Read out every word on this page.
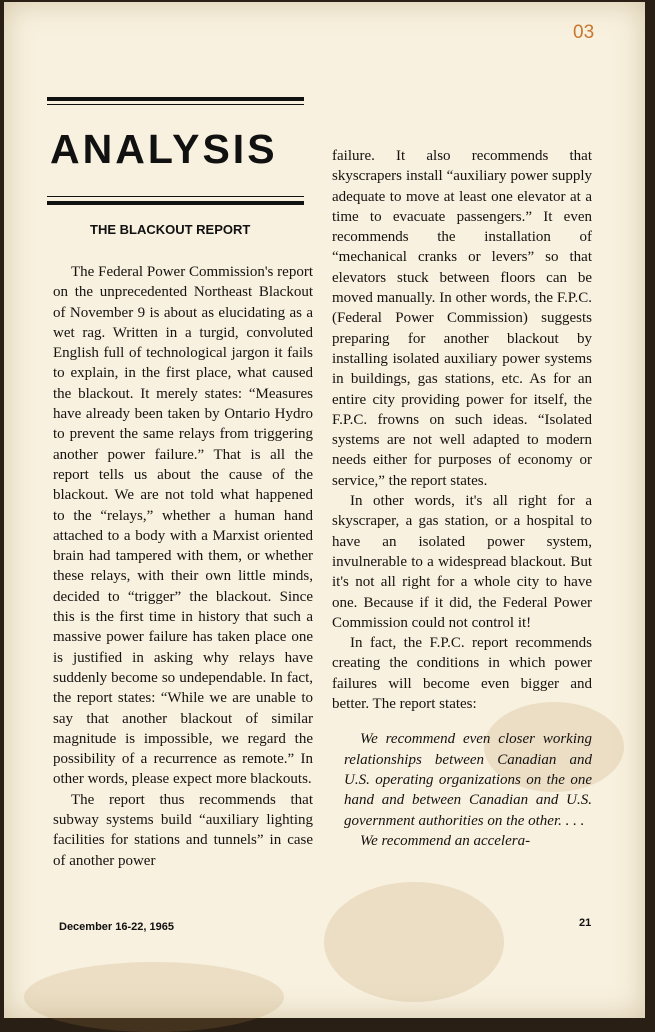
03
ANALYSIS
THE BLACKOUT REPORT

The Federal Power Commission's report on the unprecedented Northeast Blackout of November 9 is about as elucidating as a wet rag. Written in a turgid, convoluted English full of technological jargon it fails to explain, in the first place, what caused the blackout. It merely states: “Measures have already been taken by Ontario Hydro to prevent the same relays from triggering another power failure.” That is all the report tells us about the cause of the blackout. We are not told what happened to the “relays,” whether a human hand attached to a body with a Marxist oriented brain had tampered with them, or whether these relays, with their own little minds, decided to “trigger” the blackout. Since this is the first time in history that such a massive power failure has taken place one is justified in asking why relays have suddenly become so undependable. In fact, the report states: “While we are unable to say that another blackout of similar magnitude is impossible, we regard the possibility of a recurrence as remote.” In other words, please expect more blackouts.

The report thus recommends that subway systems build “auxiliary lighting facilities for stations and tunnels” in case of another power

failure. It also recommends that skyscrapers install “auxiliary power supply adequate to move at least one elevator at a time to evacuate passengers.” It even recommends the installation of “mechanical cranks or levers” so that elevators stuck between floors can be moved manually. In other words, the F.P.C. (Federal Power Commission) suggests preparing for another blackout by installing isolated auxiliary power systems in buildings, gas stations, etc. As for an entire city providing power for itself, the F.P.C. frowns on such ideas. “Isolated systems are not well adapted to modern needs either for purposes of economy or service,” the report states.

In other words, it's all right for a skyscraper, a gas station, or a hospital to have an isolated power system, invulnerable to a widespread blackout. But it's not all right for a whole city to have one. Because if it did, the Federal Power Commission could not control it!

In fact, the F.P.C. report recommends creating the conditions in which power failures will become even bigger and better. The report states:

We recommend even closer working relationships between Canadian and U.S. operating organizations on the one hand and between Canadian and U.S. government authorities on the other. . . .

We recommend an accelera-

December 16-22, 1965	21
